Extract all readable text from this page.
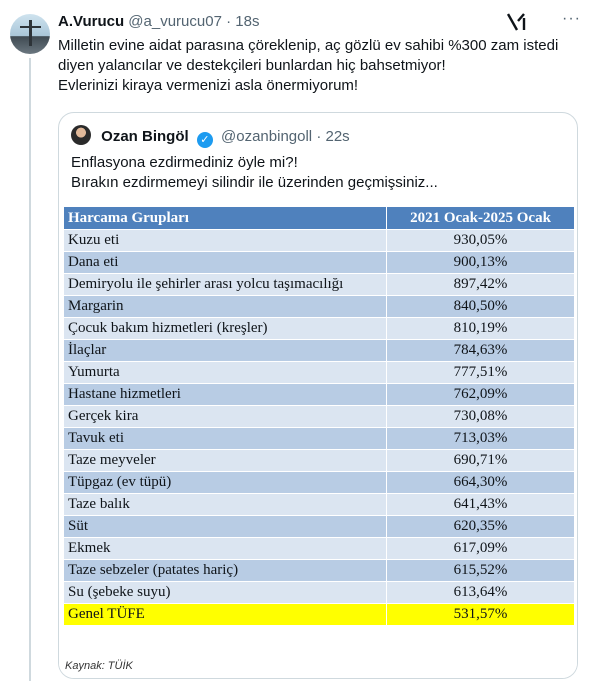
A.Vurucu @a_vurucu07 · 18s	···
Milletin evine aidat parasına çöreklenip, aç gözlü ev sahibi %300 zam istedi
diyen yalancılar ve destekçileri bunlardan hiç bahsetmiyor!
Evlerinizi kiraya vermenizi asla önermiyorum!
Ozan Bingöl ✓ @ozanbingoll · 22s
Enflasyona ezdirmediniz öyle mi?!
Bırakın ezdirmemeyi silindir ile üzerinden geçmişsiniz...
Harcama Grupları	2021 Ocak-2025 Ocak
Kuzu eti	930,05%
Dana eti	900,13%
Demiryolu ile şehirler arası yolcu taşımacılığı	897,42%
Margarin	840,50%
Çocuk bakım hizmetleri (kreşler)	810,19%
İlaçlar	784,63%
Yumurta	777,51%
Hastane hizmetleri	762,09%
Gerçek kira	730,08%
Tavuk eti	713,03%
Taze meyveler	690,71%
Tüpgaz (ev tüpü)	664,30%
Taze balık	641,43%
Süt	620,35%
Ekmek	617,09%
Taze sebzeler (patates hariç)	615,52%
Su (şebeke suyu)	613,64%
Genel TÜFE	531,57%
Kaynak: TÜİK
